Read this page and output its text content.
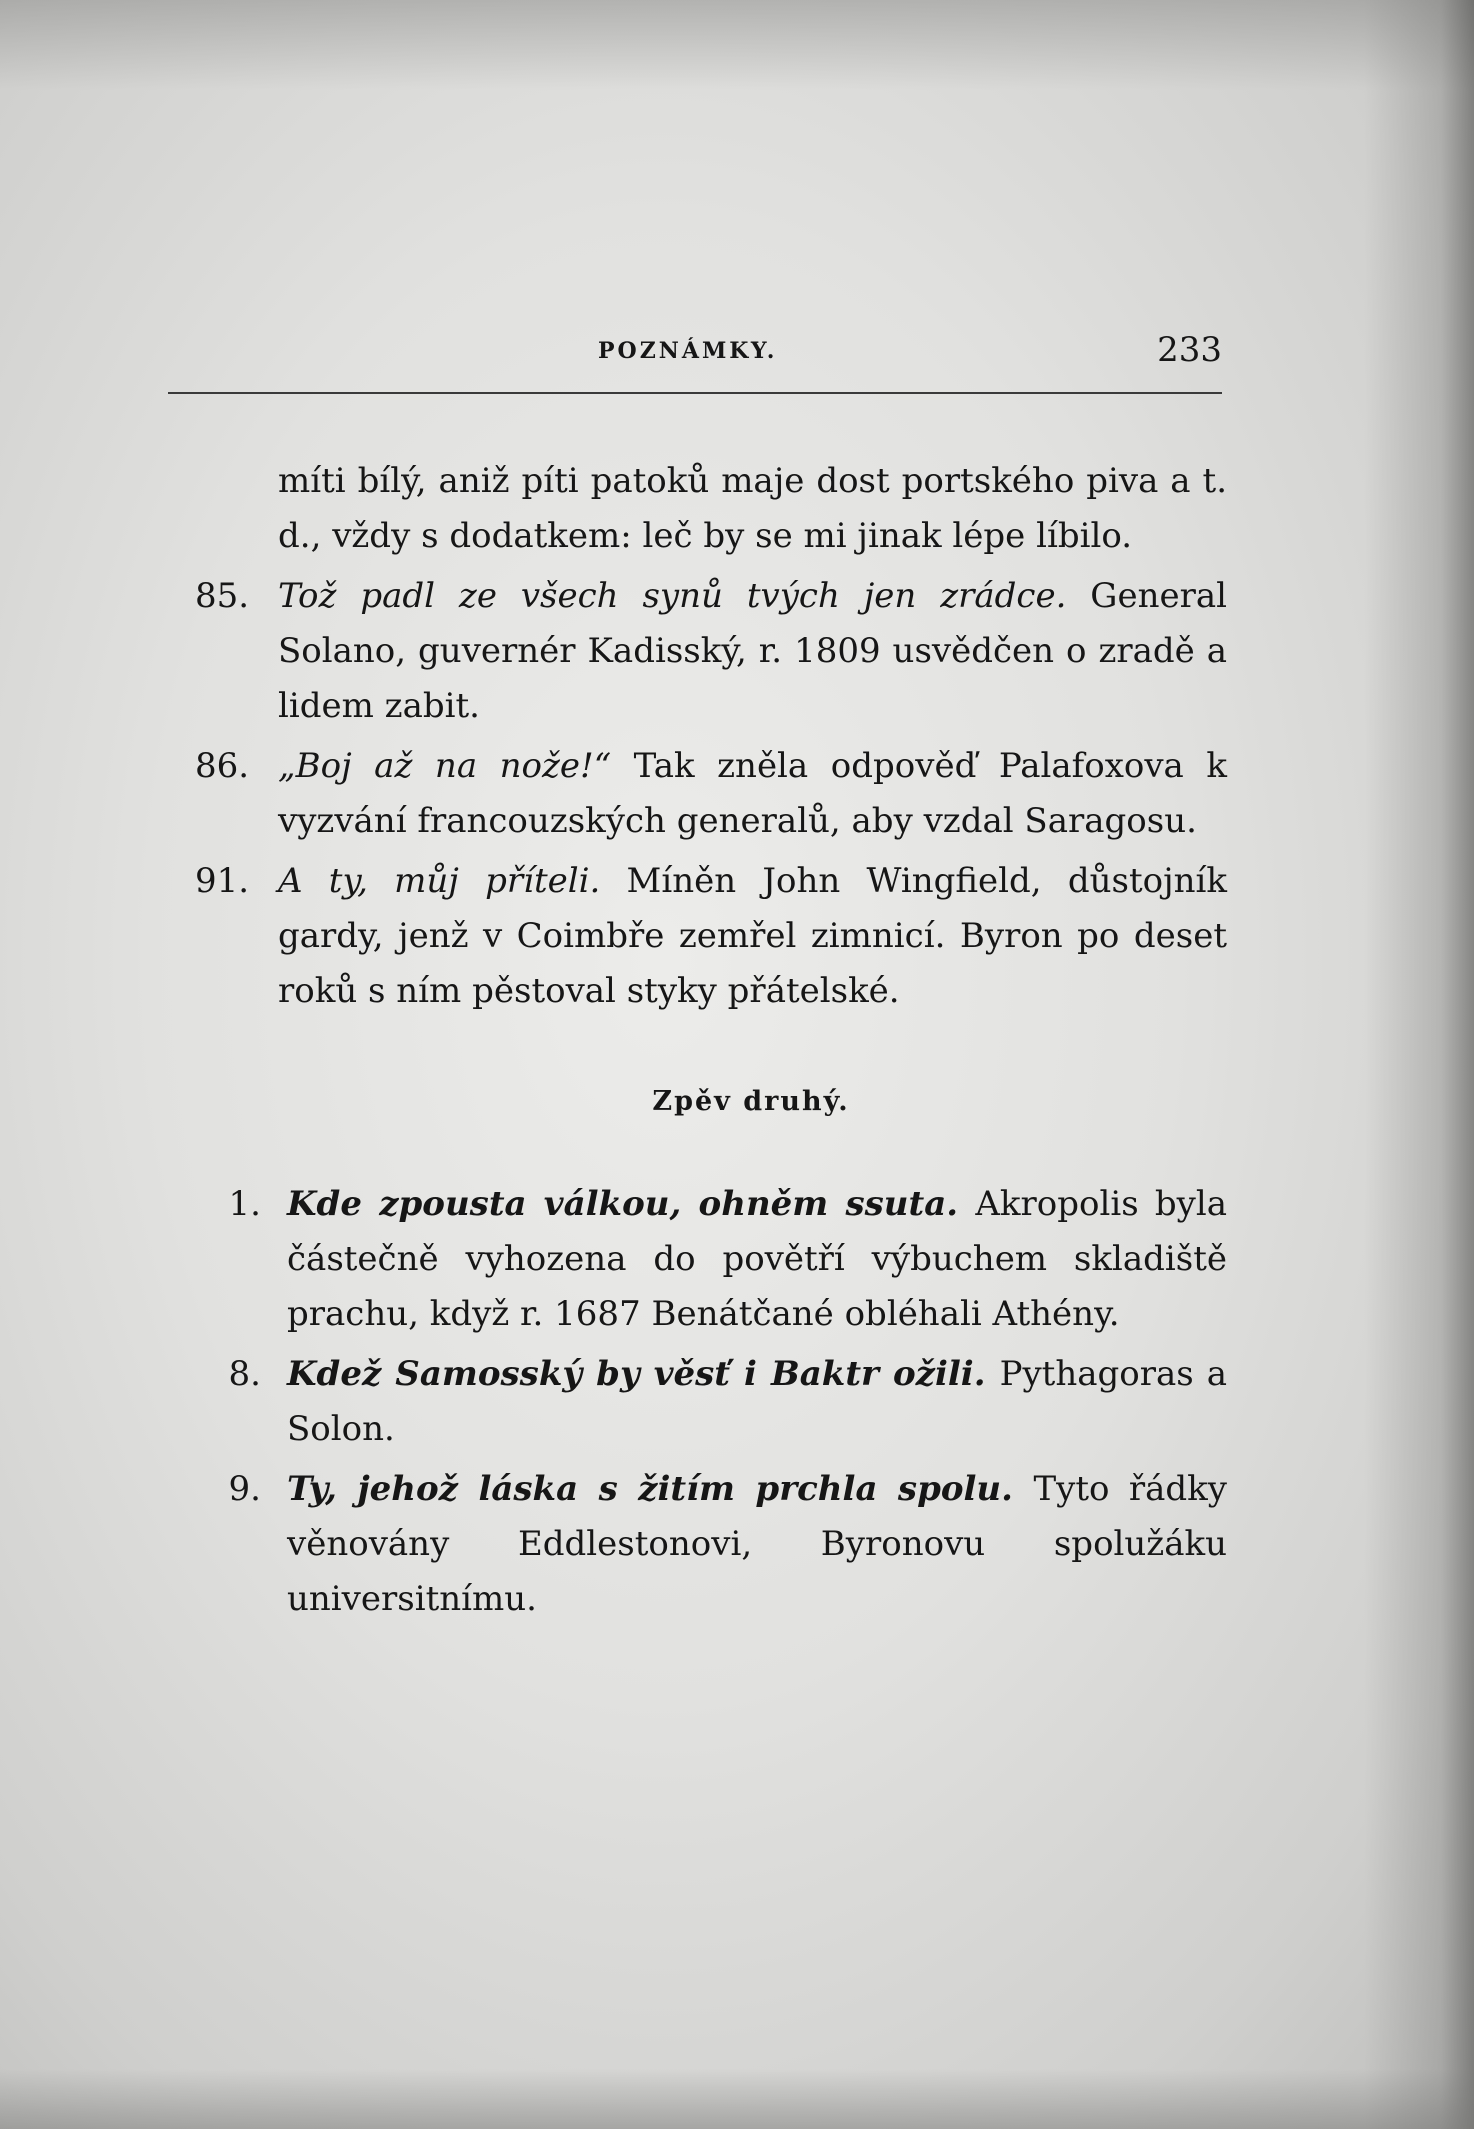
POZNÁMKY.	233
míti bílý, aniž píti patoků maje dost portského piva a t. d., vždy s dodatkem: leč by se mi jinak lépe líbilo.
85. Tož padl ze všech synů tvých jen zrádce. General Solano, guvernér Kadisský, r. 1809 usvědčen o zradě a lidem zabit.
86. „Boj až na nože!“ Tak zněla odpověď Palafoxova k vyzvání francouzských generalů, aby vzdal Saragosu.
91. A ty, můj příteli. Míněn John Wingfield, důstojník gardy, jenž v Coimbře zemřel zimnicí. Byron po deset roků s ním pěstoval styky přátelské.
Zpěv druhý.
1. Kde zpousta válkou, ohněm ssuta. Akropolis byla částečně vyhozena do povětří výbuchem skladiště prachu, když r. 1687 Benátčané obléhali Athény.
8. Kdež Samosský by věsť i Baktr ožili. Pythagoras a Solon.
9. Ty, jehož láska s žitím prchla spolu. Tyto řádky věnovány Eddlestonovi, Byronovu spolužáku universitnímu.
